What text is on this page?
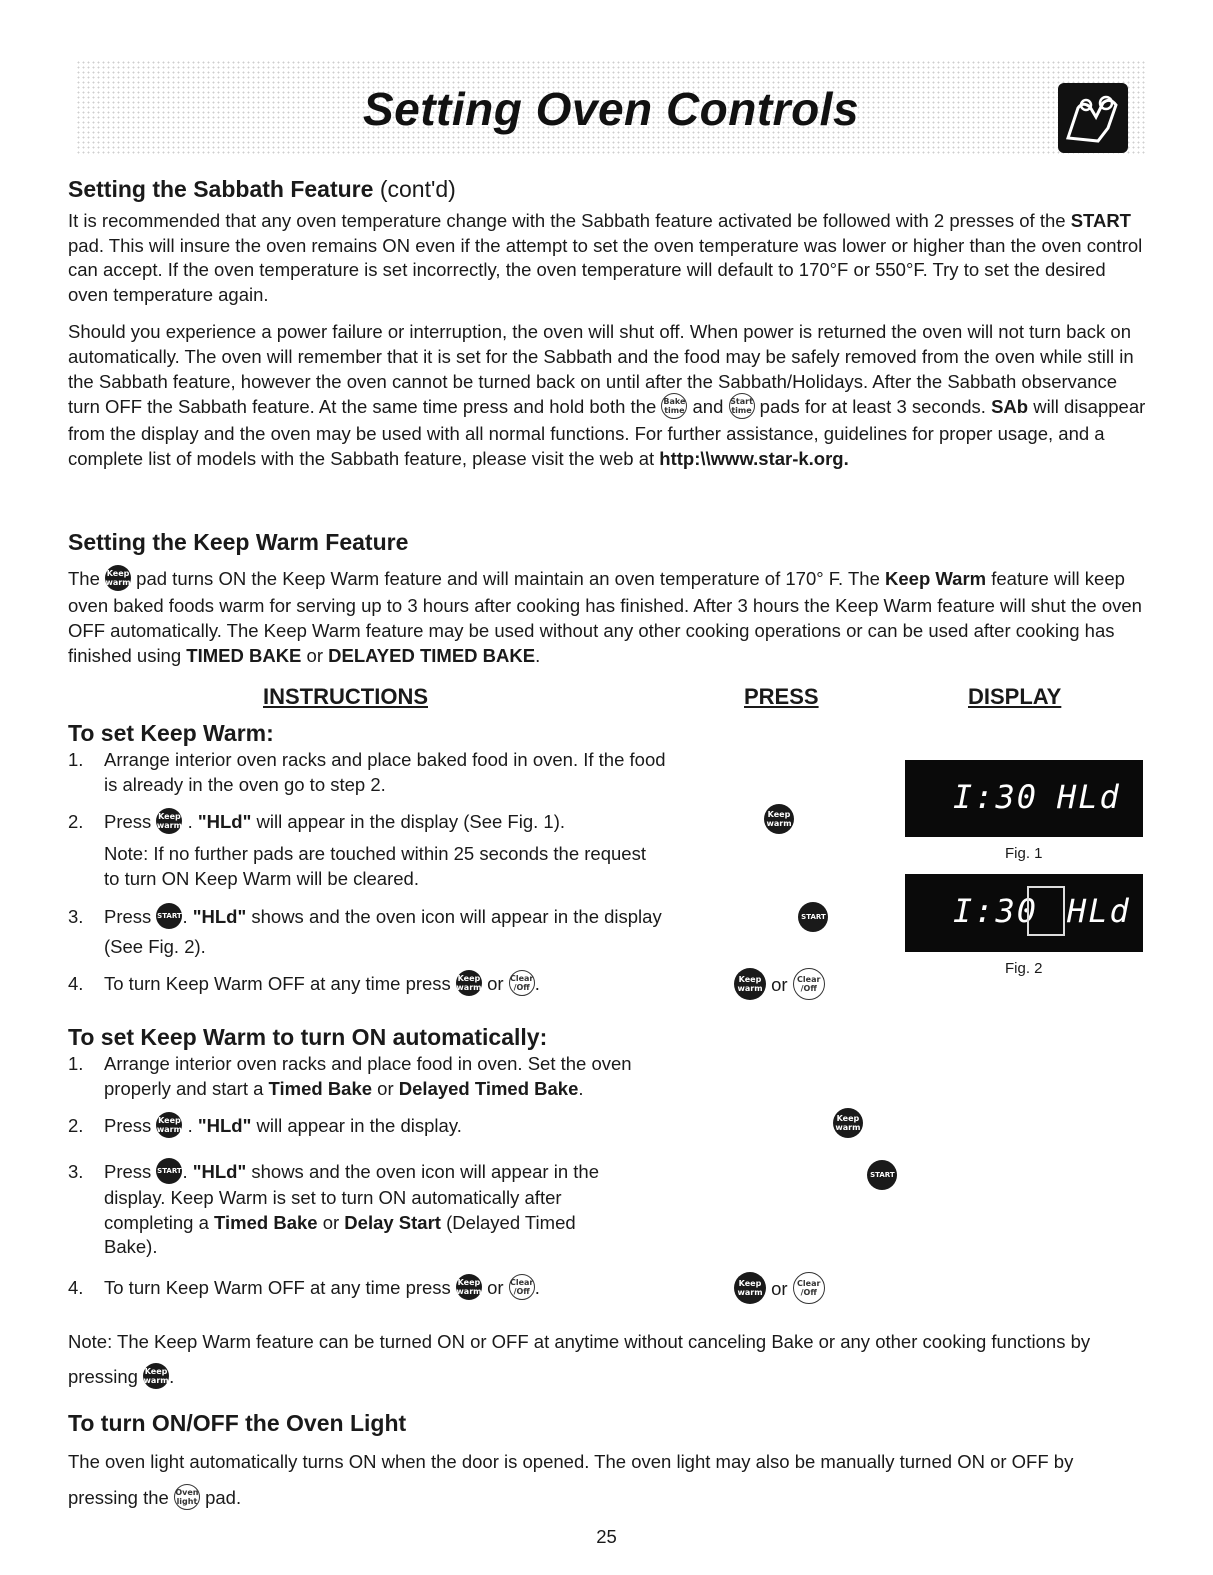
Setting Oven Controls

Setting the Sabbath Feature (cont'd)

It is recommended that any oven temperature change with the Sabbath feature activated be followed with 2 presses of the START pad. This will insure the oven remains ON even if the attempt to set the oven temperature was lower or higher than the oven control can accept. If the oven temperature is set incorrectly, the oven temperature will default to 170°F or 550°F. Try to set the desired oven temperature again.
Should you experience a power failure or interruption, the oven will shut off. When power is returned the oven will not turn back on automatically. The oven will remember that it is set for the Sabbath and the food may be safely removed from the oven while still in the Sabbath feature, however the oven cannot be turned back on until after the Sabbath/Holidays. After the Sabbath observance turn OFF the Sabbath feature. At the same time press and hold both the Bake
time and Start
time pads for at least 3 seconds. SAb will disappear from the display and the oven may be used with all normal functions. For further assistance, guidelines for proper usage, and a complete list of models with the Sabbath feature, please visit the web at http:\\www.star-k.org.

Setting the Keep Warm Feature

The Keep
warm pad turns ON the Keep Warm feature and will maintain an oven temperature of 170° F. The Keep Warm feature will keep oven baked foods warm for serving up to 3 hours after cooking has finished. After 3 hours the Keep Warm feature will shut the oven OFF automatically. The Keep Warm feature may be used without any other cooking operations or can be used after cooking has finished using TIMED BAKE or DELAYED TIMED BAKE.
INSTRUCTIONS	PRESS	DISPLAY
To set Keep Warm:
1. Arrange interior oven racks and place baked food in oven. If the food is already in the oven go to step 2.
2. Press Keep
warm . "HLd" will appear in the display (See Fig. 1).
Note: If no further pads are touched within 25 seconds the request to turn ON Keep Warm will be cleared.
3. Press START. "HLd" shows and the oven icon will appear in the display (See Fig. 2).
4. To turn Keep Warm OFF at any time press Keep
warm or Clear
/Off .
Keep
warm START
Keep
warm or Clear
/Off
I:30 HLd
Fig. 1
I:30 HLd
Fig. 2
To set Keep Warm to turn ON automatically:
1. Arrange interior oven racks and place food in oven. Set the oven properly and start a Timed Bake or Delayed Timed Bake.
2. Press Keep
warm . "HLd" will appear in the display.
3. Press START. "HLd" shows and the oven icon will appear in the display. Keep Warm is set to turn ON automatically after completing a Timed Bake or Delay Start (Delayed Timed Bake).
4. To turn Keep Warm OFF at any time press Keep
warm or Clear
/Off .
Keep
warm START
Keep
warm or Clear
/Off
Note: The Keep Warm feature can be turned ON or OFF at anytime without canceling Bake or any other cooking functions by pressing Keep
warm.
To turn ON/OFF the Oven Light
The oven light automatically turns ON when the door is opened. The oven light may also be manually turned ON or OFF by pressing the Oven
light pad.
25
